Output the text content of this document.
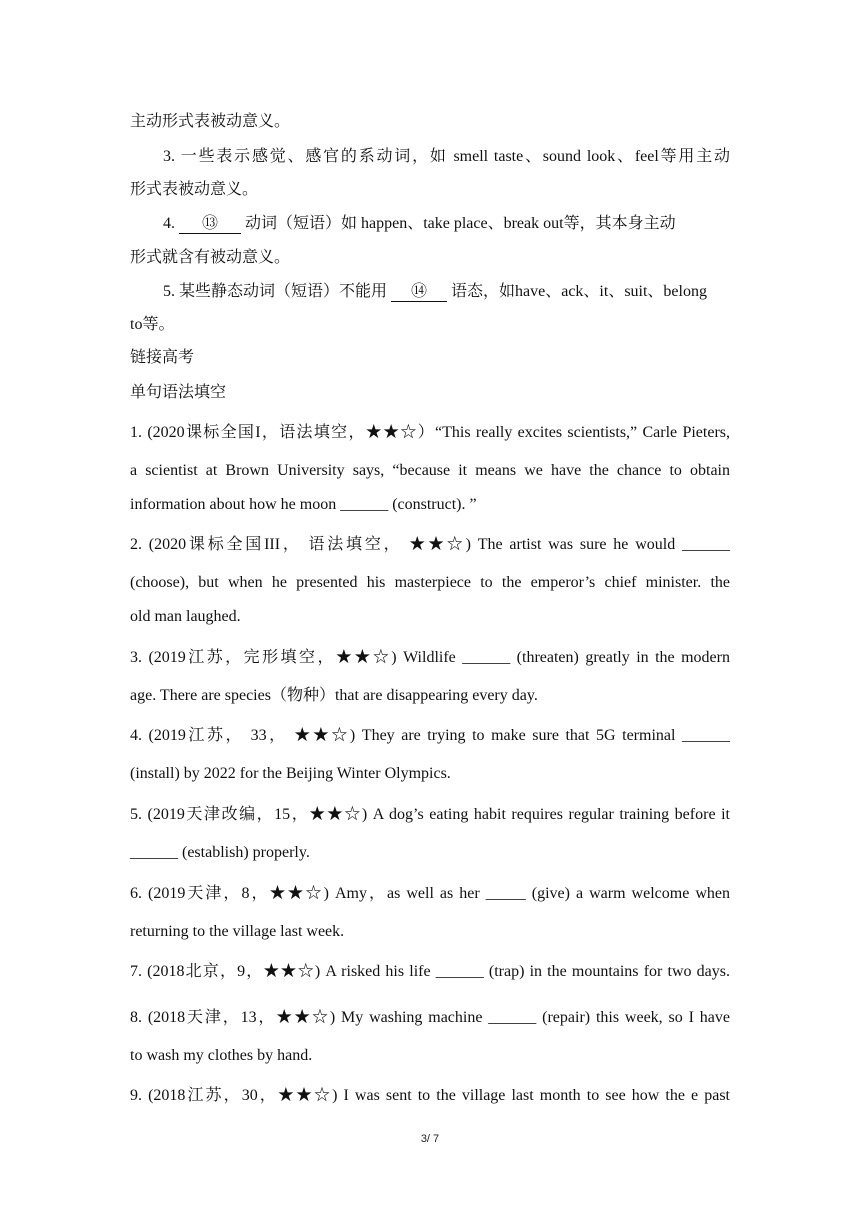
主动形式表被动意义。
3. 一些表示感觉、感官的系动词，如 smell taste、sound look、feel等用主动
形式表被动意义。
4. ⑬ 动词（短语）如 happen、take place、break out等，其本身主动
形式就含有被动意义。
5. 某些静态动词（短语）不能用 ⑭ 语态，如have、ack、it、suit、belong
to等。
链接高考
单句语法填空
1. (2020课标全国I，语法填空，★★☆）“This really excites scientists,” Carle Pieters,
a scientist at Brown University says, “because it means we have the chance to obtain
information about how he moon ______ (construct). ”
2. (2020课标全国III， 语法填空， ★★☆) The artist was sure he would ______
(choose), but when he presented his masterpiece to the emperor’s chief minister. the
old man laughed.
3. (2019江苏，完形填空，★★☆) Wildlife ______ (threaten) greatly in the modern
age. There are species（物种）that are disappearing every day.
4. (2019江苏， 33， ★★☆) They are trying to make sure that 5G terminal ______
(install) by 2022 for the Beijing Winter Olympics.
5. (2019天津改编，15，★★☆) A dog’s eating habit requires regular training before it
______ (establish) properly.
6. (2019天津，8，★★☆) Amy，as well as her _____ (give) a warm welcome when
returning to the village last week.
7. (2018北京，9，★★☆) A risked his life ______ (trap) in the mountains for two days.
8. (2018天津，13，★★☆) My washing machine ______ (repair) this week, so I have
to wash my clothes by hand.
9. (2018江苏，30，★★☆) I was sent to the village last month to see how the e past
3/ 7
